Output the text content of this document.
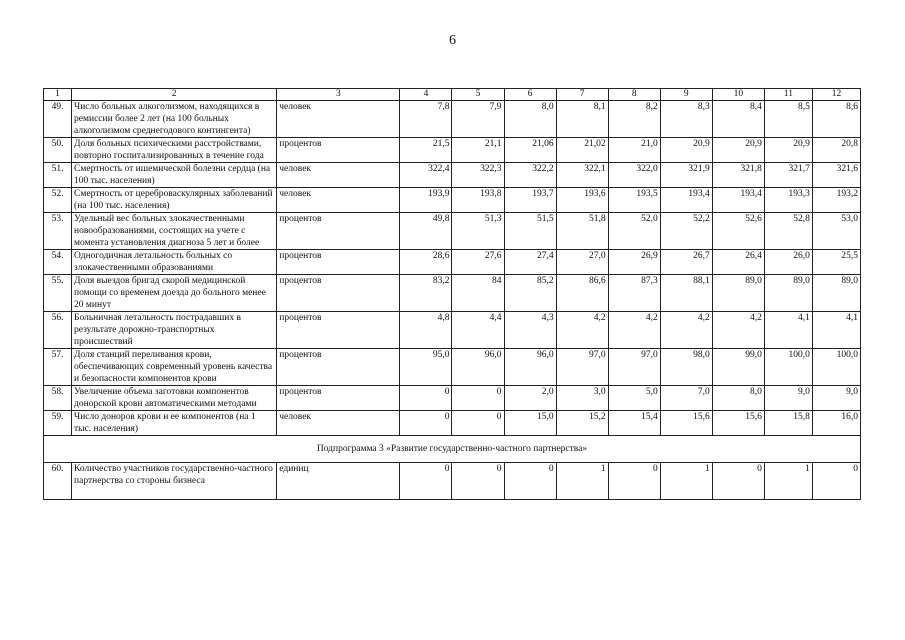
6
1	2	3	4	5	6	7	8	9	10	11	12
49.	Число больных алкоголизмом, находящихся в ремиссии более 2 лет (на 100 больных алкоголизмом среднегодового контингента)	человек	7,8	7,9	8,0	8,1	8,2	8,3	8,4	8,5	8,6
50.	Доля больных психическими расстройствами, повторно госпитализированных в течение года	процентов	21,5	21,1	21,06	21,02	21,0	20,9	20,9	20,9	20,8
51.	Смертность от ишемической болезни сердца (на 100 тыс. населения)	человек	322,4	322,3	322,2	322,1	322,0	321,9	321,8	321,7	321,6
52.	Смертность от цереброваскулярных заболеваний (на 100 тыс. населения)	человек	193,9	193,8	193,7	193,6	193,5	193,4	193,4	193,3	193,2
53.	Удельный вес больных злокачественными новообразованиями, состоящих на учете с момента установления диагноза 5 лет и более	процентов	49,8	51,3	51,5	51,8	52,0	52,2	52,6	52,8	53,0
54.	Одногодичная летальность больных со злокачественными образованиями	процентов	28,6	27,6	27,4	27,0	26,9	26,7	26,4	26,0	25,5
55.	Доля выездов бригад скорой медицинской помощи со временем доезда до больного менее 20 минут	процентов	83,2	84	85,2	86,6	87,3	88,1	89,0	89,0	89,0
56.	Больничная летальность пострадавших в результате дорожно-транспортных происшествий	процентов	4,8	4,4	4,3	4,2	4,2	4,2	4,2	4,1	4,1
57.	Доля станций переливания крови, обеспечивающих современный уровень качества и безопасности компонентов крови	процентов	95,0	96,0	96,0	97,0	97,0	98,0	99,0	100,0	100,0
58.	Увеличение объема заготовки компонентов донорской крови автоматическими методами	процентов	0	0	2,0	3,0	5,0	7,0	8,0	9,0	9,0
59.	Число доноров крови и ее компонентов (на 1 тыс. населения)	человек	0	0	15,0	15,2	15,4	15,6	15,6	15,8	16,0
Подпрограмма 3 «Развитие государственно-частного партнерства»											
60.	Количество участников государственно-частного партнерства со стороны бизнеса	единиц	0	0	0	1	0	1	0	1	0
